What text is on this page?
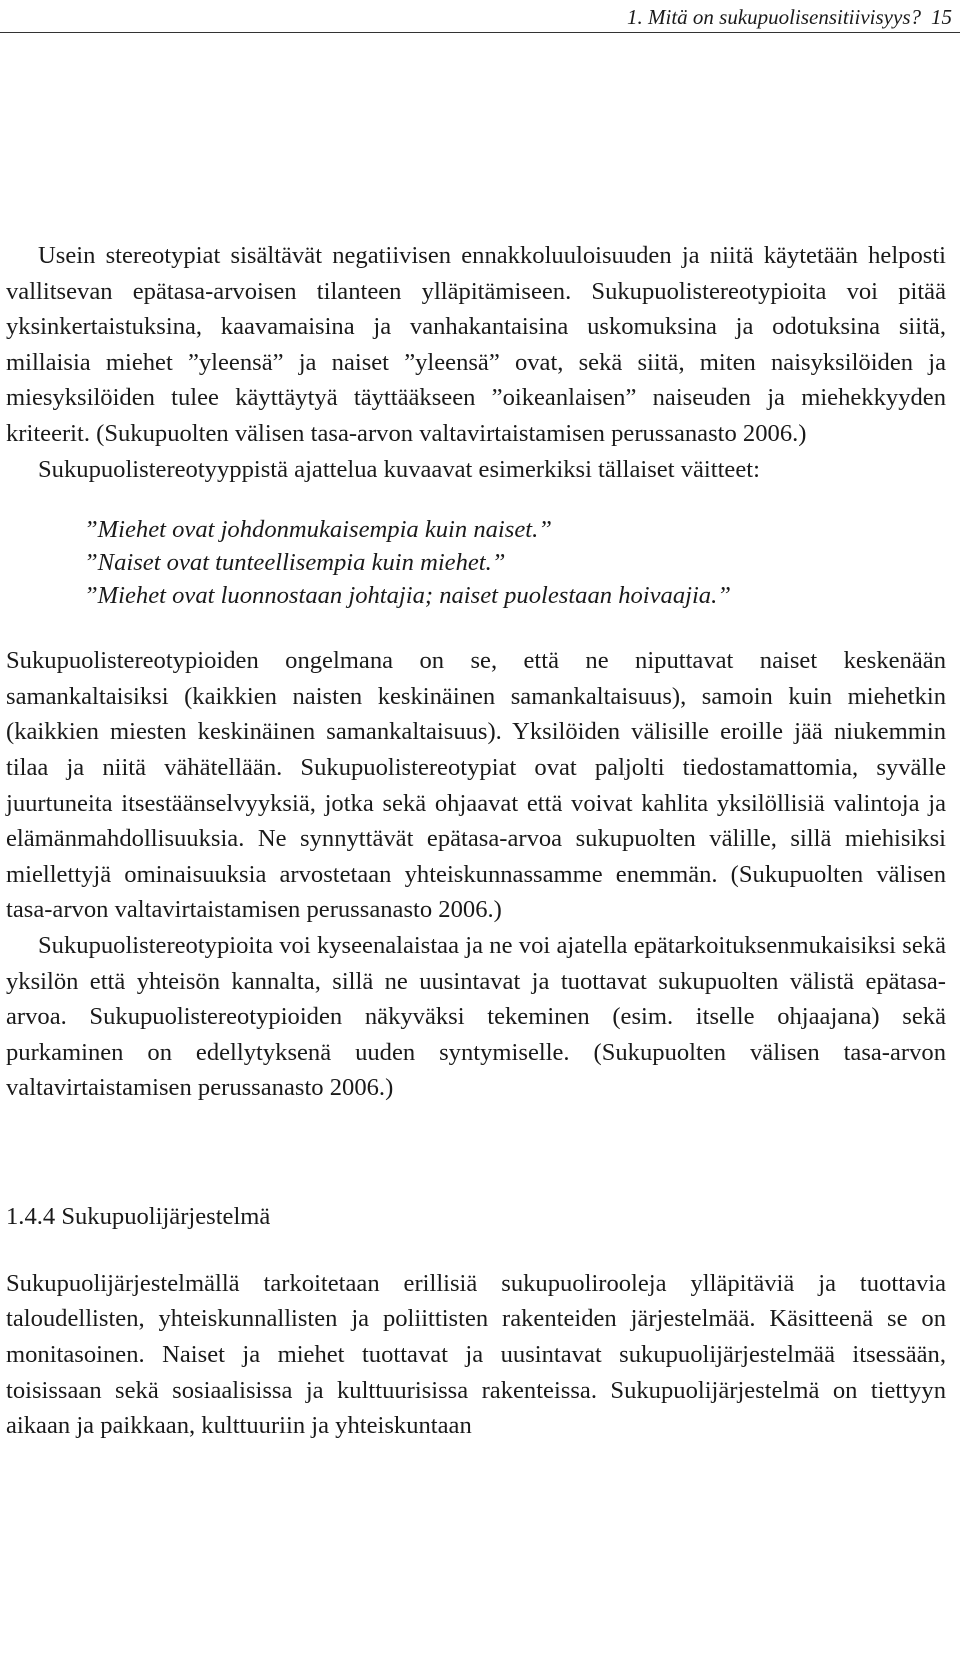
1. Mitä on sukupuolisensitiivisyys? 15

Usein stereotypiat sisältävät negatiivisen ennakkoluuloisuuden ja niitä käytetään helposti vallitsevan epätasa-arvoisen tilanteen ylläpitämiseen. Sukupuolistereotypioita voi pitää yksinkertaistuksina, kaavamaisina ja vanhakantaisina uskomuksina ja odotuksina siitä, millaisia miehet ”yleensä” ja naiset ”yleensä” ovat, sekä siitä, miten naisyksilöiden ja miesyksilöiden tulee käyttäytyä täyttääkseen ”oikeanlaisen” naiseuden ja miehekkyyden kriteerit. (Sukupuolten välisen tasa-arvon valtavirtaistamisen perussanasto 2006.)

Sukupuolistereotyyppistä ajattelua kuvaavat esimerkiksi tällaiset väitteet:

”Miehet ovat johdonmukaisempia kuin naiset.”
”Naiset ovat tunteellisempia kuin miehet.”
”Miehet ovat luonnostaan johtajia; naiset puolestaan hoivaajia.”

Sukupuolistereotypioiden ongelmana on se, että ne niputtavat naiset keskenään samankaltaisiksi (kaikkien naisten keskinäinen samankaltaisuus), samoin kuin miehetkin (kaikkien miesten keskinäinen samankaltaisuus). Yksilöiden välisille eroille jää niukemmin tilaa ja niitä vähätellään. Sukupuolistereotypiat ovat paljolti tiedostamattomia, syvälle juurtuneita itsestäänselvyyksiä, jotka sekä ohjaavat että voivat kahlita yksilöllisiä valintoja ja elämänmahdollisuuksia. Ne synnyttävät epätasa-arvoa sukupuolten välille, sillä miehisiksi miellettyjä ominaisuuksia arvostetaan yhteiskunnassamme enemmän. (Sukupuolten välisen tasa-arvon valtavirtaistamisen perussanasto 2006.)

Sukupuolistereotypioita voi kyseenalaistaa ja ne voi ajatella epätarkoituksenmukaisiksi sekä yksilön että yhteisön kannalta, sillä ne uusintavat ja tuottavat sukupuolten välistä epätasa-arvoa. Sukupuolistereotypioiden näkyväksi tekeminen (esim. itselle ohjaajana) sekä purkaminen on edellytyksenä uuden syntymiselle. (Sukupuolten välisen tasa-arvon valtavirtaistamisen perussanasto 2006.)

1.4.4 Sukupuolijärjestelmä

Sukupuolijärjestelmällä tarkoitetaan erillisiä sukupuolirooleja ylläpitäviä ja tuottavia taloudellisten, yhteiskunnallisten ja poliittisten rakenteiden järjestelmää. Käsitteenä se on monitasoinen. Naiset ja miehet tuottavat ja uusintavat sukupuolijärjestelmää itsessään, toisissaan sekä sosiaalisissa ja kulttuurisissa rakenteissa. Sukupuolijärjestelmä on tiettyyn aikaan ja paikkaan, kulttuuriin ja yhteiskuntaan
